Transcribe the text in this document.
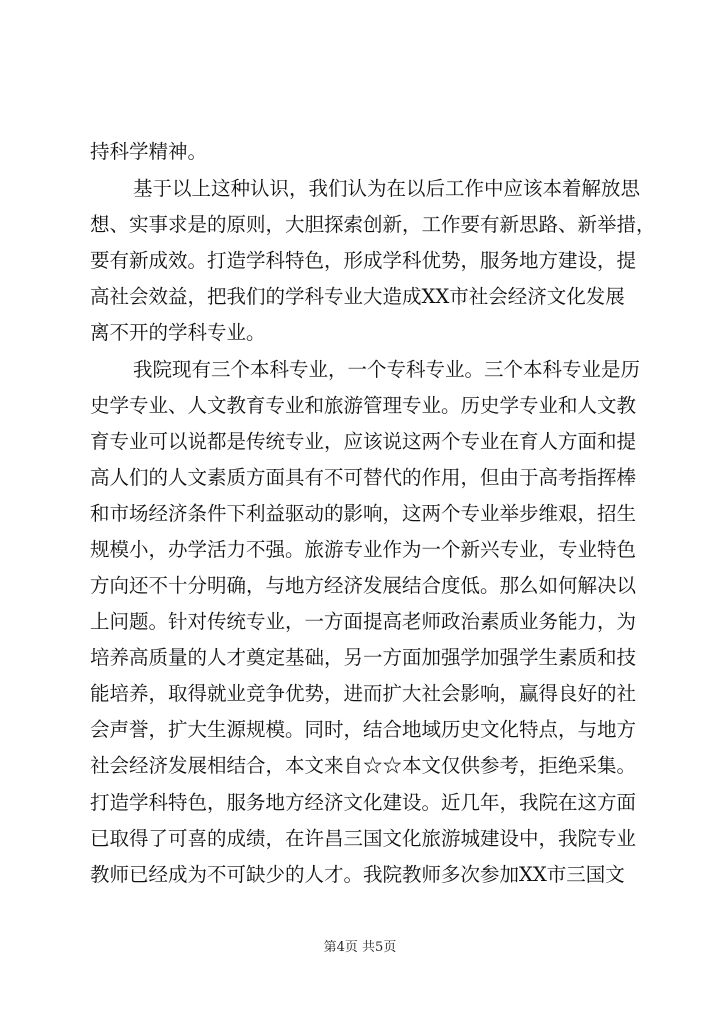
持科学精神。
基于以上这种认识，我们认为在以后工作中应该本着解放思
想、实事求是的原则，大胆探索创新，工作要有新思路、新举措，
要有新成效。打造学科特色，形成学科优势，服务地方建设，提
高社会效益，把我们的学科专业大造成XX市社会经济文化发展
离不开的学科专业。
我院现有三个本科专业，一个专科专业。三个本科专业是历
史学专业、人文教育专业和旅游管理专业。历史学专业和人文教
育专业可以说都是传统专业，应该说这两个专业在育人方面和提
高人们的人文素质方面具有不可替代的作用，但由于高考指挥棒
和市场经济条件下利益驱动的影响，这两个专业举步维艰，招生
规模小，办学活力不强。旅游专业作为一个新兴专业，专业特色
方向还不十分明确，与地方经济发展结合度低。那么如何解决以
上问题。针对传统专业，一方面提高老师政治素质业务能力，为
培养高质量的人才奠定基础，另一方面加强学加强学生素质和技
能培养，取得就业竞争优势，进而扩大社会影响，赢得良好的社
会声誉，扩大生源规模。同时，结合地域历史文化特点，与地方
社会经济发展相结合，本文来自☆☆本文仅供参考，拒绝采集。
打造学科特色，服务地方经济文化建设。近几年，我院在这方面
已取得了可喜的成绩，在许昌三国文化旅游城建设中，我院专业
教师已经成为不可缺少的人才。我院教师多次参加XX市三国文
第4页 共5页
